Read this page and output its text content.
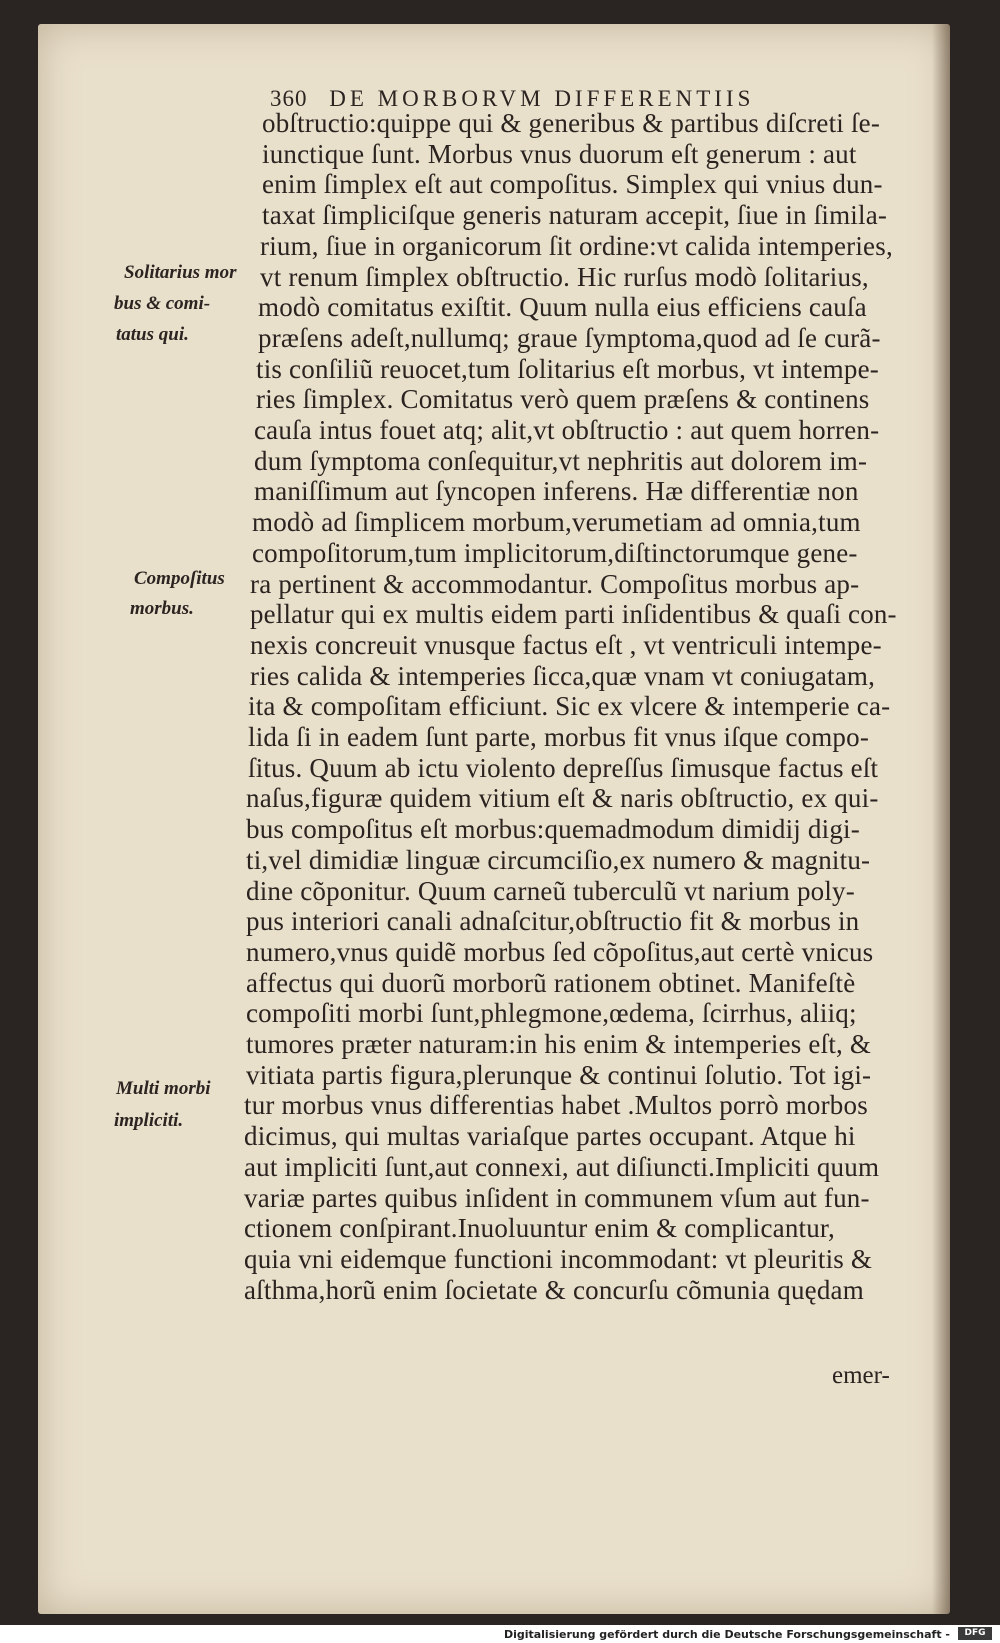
360 DE MORBORVM DIFFERENTIIS
obſtructio:quippe qui & generibus & partibus diſcreti ſe-
iunctique ſunt. Morbus vnus duorum eſt generum : aut
enim ſimplex eſt aut compoſitus. Simplex qui vnius dun-
taxat ſimpliciſque generis naturam accepit, ſiue in ſimila-
rium, ſiue in organicorum ſit ordine:vt calida intemperies,
vt renum ſimplex obſtructio. Hic rurſus modò ſolitarius,
modò comitatus exiſtit. Quum nulla eius efficiens cauſa
præſens adeſt,nullumq; graue ſymptoma,quod ad ſe curã-
tis conſiliũ reuocet,tum ſolitarius eſt morbus, vt intempe-
ries ſimplex. Comitatus verò quem præſens & continens
cauſa intus fouet atq; alit,vt obſtructio : aut quem horren-
dum ſymptoma conſequitur,vt nephritis aut dolorem im-
maniſſimum aut ſyncopen inferens. Hæ differentiæ non
modò ad ſimplicem morbum,verumetiam ad omnia,tum
compoſitorum,tum implicitorum,diſtinctorumque gene-
ra pertinent & accommodantur. Compoſitus morbus ap-
pellatur qui ex multis eidem parti inſidentibus & quaſi con-
nexis concreuit vnusque factus eſt , vt ventriculi intempe-
ries calida & intemperies ſicca,quæ vnam vt coniugatam,
ita & compoſitam efficiunt. Sic ex vlcere & intemperie ca-
lida ſi in eadem ſunt parte, morbus fit vnus iſque compo-
ſitus. Quum ab ictu violento depreſſus ſimusque factus eſt
naſus,figuræ quidem vitium eſt & naris obſtructio, ex qui-
bus compoſitus eſt morbus:quemadmodum dimidij digi-
ti,vel dimidiæ linguæ circumciſio,ex numero & magnitu-
dine cõponitur. Quum carneũ tuberculũ vt narium poly-
pus interiori canali adnaſcitur,obſtructio fit & morbus in
numero,vnus quidẽ morbus ſed cõpoſitus,aut certè vnicus
affectus qui duorũ morborũ rationem obtinet. Manifeſtè
compoſiti morbi ſunt,phlegmone,œdema, ſcirrhus, aliiq;
tumores præter naturam:in his enim & intemperies eſt, &
vitiata partis figura,plerunque & continui ſolutio. Tot igi-
tur morbus vnus differentias habet .Multos porrò morbos
dicimus, qui multas variaſque partes occupant. Atque hi
aut impliciti ſunt,aut connexi, aut diſiuncti.Impliciti quum
variæ partes quibus inſident in communem vſum aut fun-
ctionem conſpirant.Inuoluuntur enim & complicantur,
quia vni eidemque functioni incommodant: vt pleuritis &
aſthma,horũ enim ſocietate & concurſu cõmunia quędam
Solitarius mor
bus & comi-
tatus qui.
Compoſitus
morbus.
Multi morbi
impliciti.
emer-
Digitalisierung gefördert durch die Deutsche Forschungsgemeinschaft -	DFG
